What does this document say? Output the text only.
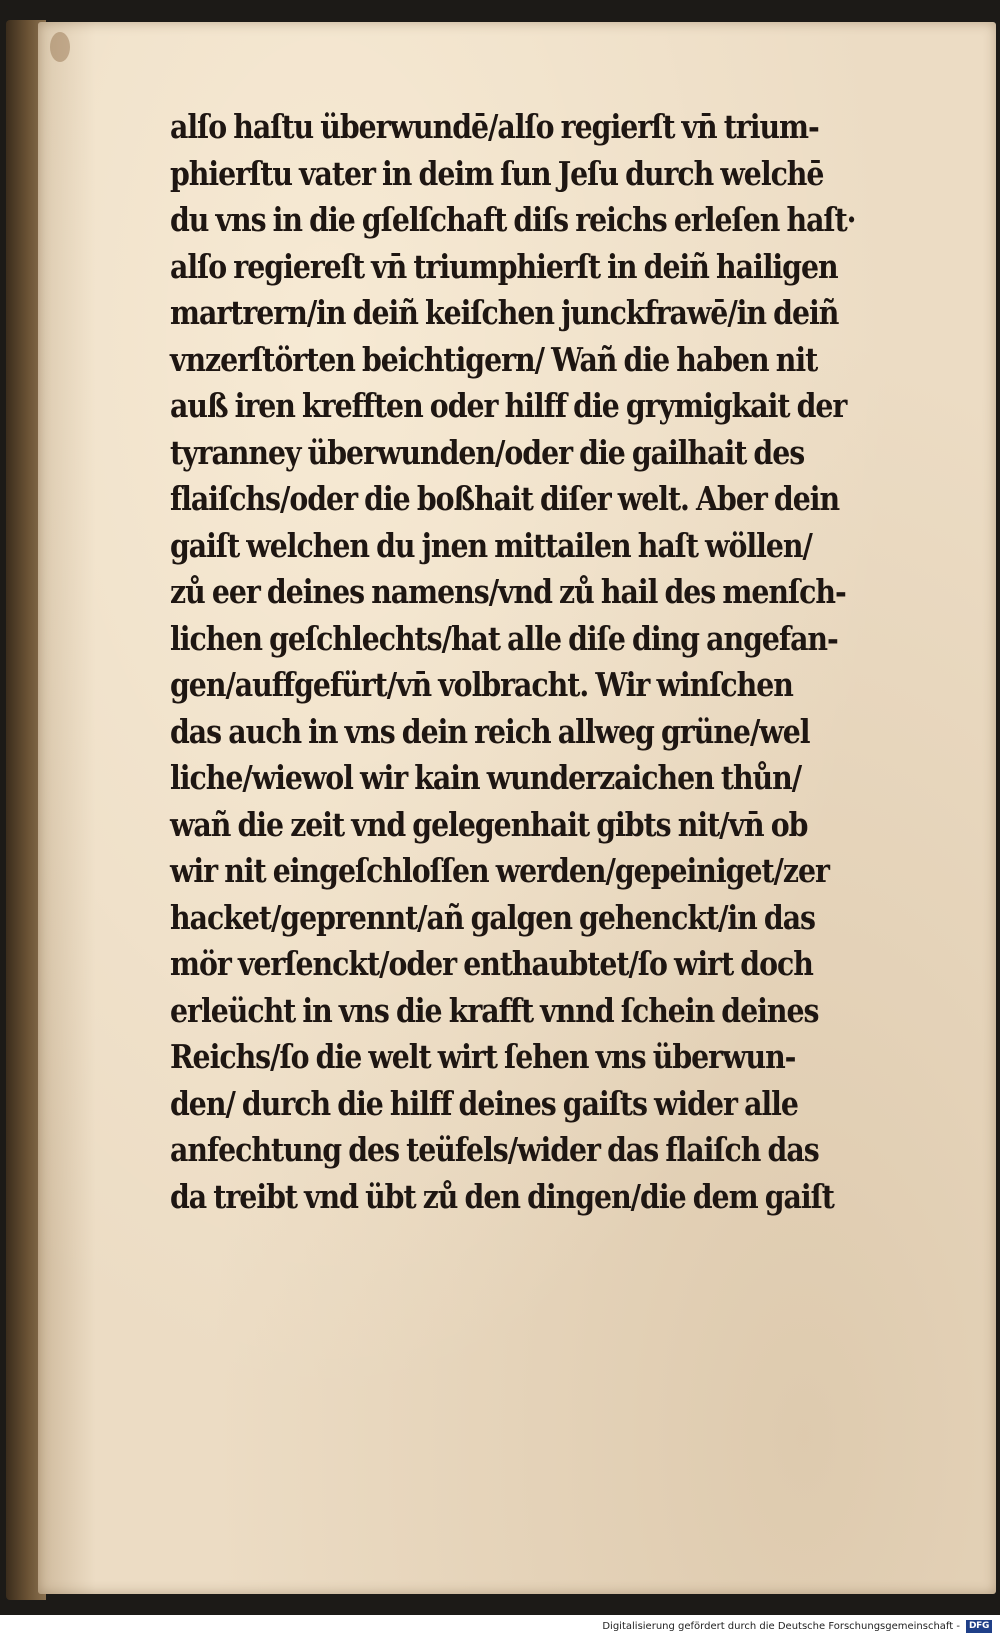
alſo haſtu überwundē/alſo regierſt vn̄ trium‑
phierſtu vater in deim ſun Jeſu durch welchē
du vns in die gſelſchaft diſs reichs erleſen haſt·
alſo regiereſt vn̄ triumphierſt in deiñ hailigen
martrern/in deiñ keiſchen junckfrawē/in deiñ
vnzerſtörten beichtigern/ Wañ die haben nit
auß iren krefften oder hilff die grymigkait der
tyranney überwunden/oder die gailhait des
flaiſchs/oder die boßhait diſer welt. Aber dein
gaiſt welchen du jnen mittailen haſt wöllen/
zů eer deines namens/vnd zů hail des menſch‑
lichen geſchlechts/hat alle diſe ding angefan‑
gen/auffgefürt/vn̄ volbracht. Wir winſchen
das auch in vns dein reich allweg grüne/wel
liche/wiewol wir kain wunderzaichen thůn/
wañ die zeit vnd gelegenhait gibts nit/vn̄ ob
wir nit eingeſchloſſen werden/gepeiniget/zer
hacket/geprennt/añ galgen gehenckt/in das
mör verſenckt/oder enthaubtet/ſo wirt doch
erleücht in vns die krafft vnnd ſchein deines
Reichs/ſo die welt wirt ſehen vns überwun‑
den/ durch die hilff deines gaiſts wider alle
anfechtung des teüfels/wider das flaiſch das
da treibt vnd übt zů den dingen/die dem gaiſt
Digitalisierung gefördert durch die Deutsche Forschungsgemeinschaft - DFG
